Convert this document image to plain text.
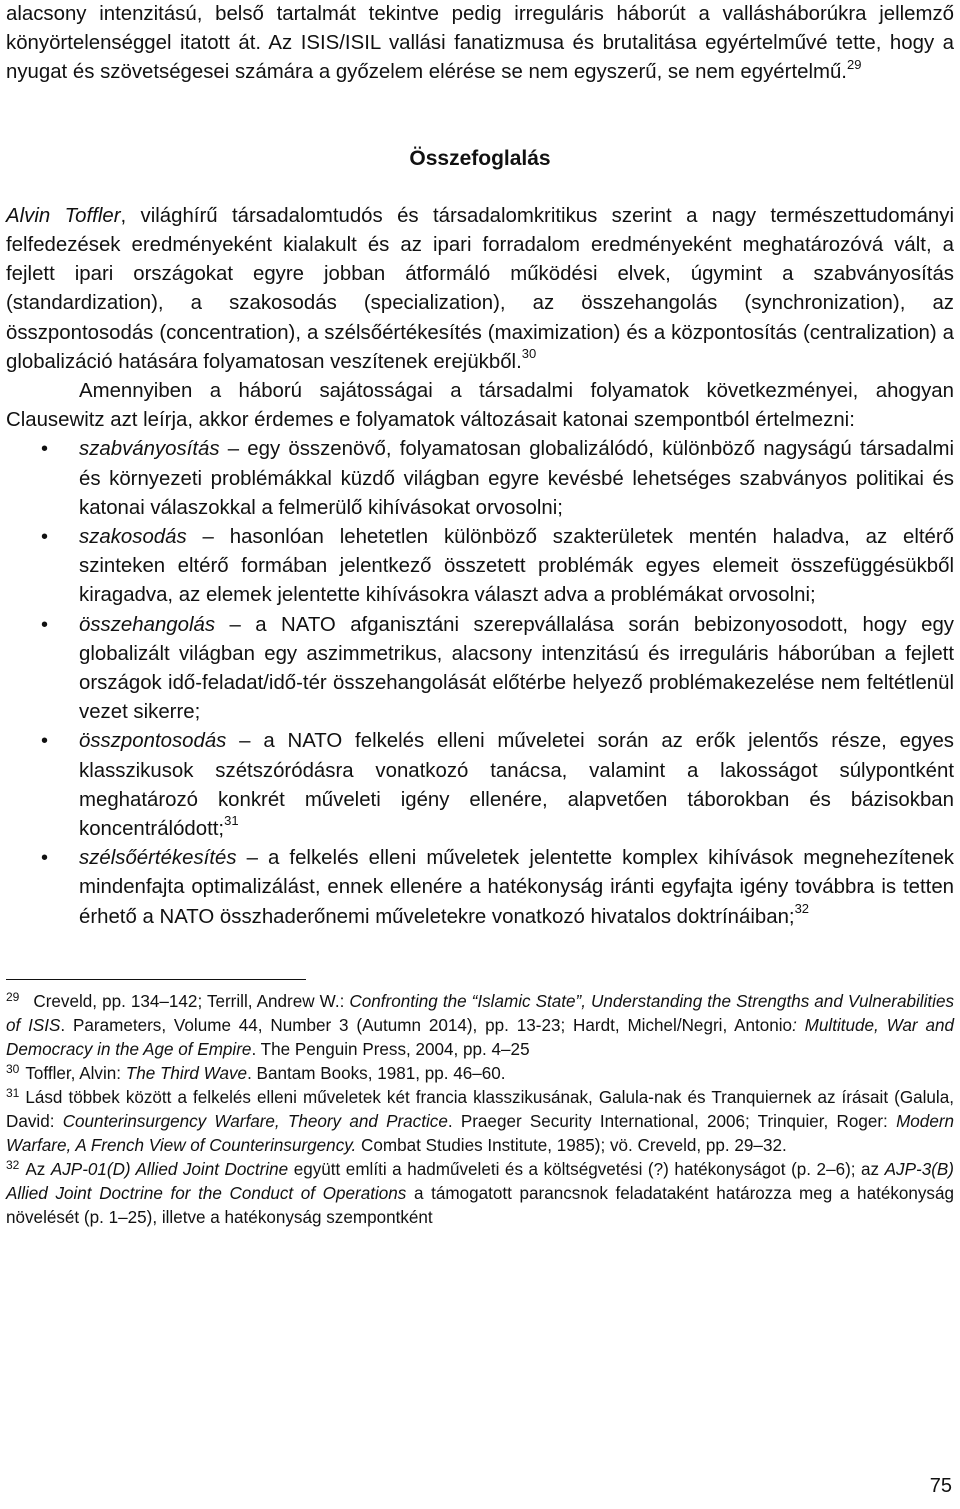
alacsony intenzitású, belső tartalmát tekintve pedig irreguláris háborút a vallásháborúkra jellemző könyörtelenséggel itatott át. Az ISIS/ISIL vallási fanatizmusa és brutalitása egyértelművé tette, hogy a nyugat és szövetségesei számára a győzelem elérése se nem egyszerű, se nem egyértelmű.$^{29}$

Összefoglalás

Alvin Toffler, világhírű társadalomtudós és társadalomkritikus szerint a nagy természettudományi felfedezések eredményeként kialakult és az ipari forradalom eredményeként meghatározóvá vált, a fejlett ipari országokat egyre jobban átformáló működési elvek, úgymint a szabványosítás (standardization), a szakosodás (specialization), az összehangolás (synchronization), az összpontosodás (concentration), a szélsőértékesítés (maximization) és a központosítás (centralization) a globalizáció hatására folyamatosan veszítenek erejükből.$^{30}$

Amennyiben a háború sajátosságai a társadalmi folyamatok következményei, ahogyan Clausewitz azt leírja, akkor érdemes e folyamatok változásait katonai szempontból értelmezni:

• szabványosítás – egy összenövő, folyamatosan globalizálódó, különböző nagyságú társadalmi és környezeti problémákkal küzdő világban egyre kevésbé lehetséges szabványos politikai és katonai válaszokkal a felmerülő kihívásokat orvosolni;
• szakosodás – hasonlóan lehetetlen különböző szakterületek mentén haladva, az eltérő szinteken eltérő formában jelentkező összetett problémák egyes elemeit összefüggésükből kiragadva, az elemek jelentette kihívásokra választ adva a problémákat orvosolni;
• összehangolás – a NATO afganisztáni szerepvállalása során bebizonyosodott, hogy egy globalizált világban egy aszimmetrikus, alacsony intenzitású és irreguláris háborúban a fejlett országok idő-feladat/idő-tér összehangolását előtérbe helyező problémakezelése nem feltétlenül vezet sikerre;
• összpontosodás – a NATO felkelés elleni műveletei során az erők jelentős része, egyes klasszikusok szétszóródásra vonatkozó tanácsa, valamint a lakosságot súlypontként meghatározó konkrét műveleti igény ellenére, alapvetően táborokban és bázisokban koncentrálódott;$^{31}$
• szélsőértékesítés – a felkelés elleni műveletek jelentette komplex kihívások megnehezítenek mindenfajta optimalizálást, ennek ellenére a hatékonyság iránti egyfajta igény továbbra is tetten érhető a NATO összhaderőnemi műveletekre vonatkozó hivatalos doktrínáiban;$^{32}$

$^{29}$ Creveld, pp. 134–142; Terrill, Andrew W.: Confronting the “Islamic State”, Understanding the Strengths and Vulnerabilities of ISIS. Parameters, Volume 44, Number 3 (Autumn 2014), pp. 13-23; Hardt, Michel/Negri, Antonio: Multitude, War and Democracy in the Age of Empire. The Penguin Press, 2004, pp. 4–25

$^{30}$ Toffler, Alvin: The Third Wave. Bantam Books, 1981, pp. 46–60.

$^{31}$ Lásd többek között a felkelés elleni műveletek két francia klasszikusának, Galula-nak és Tranquiernek az írásait (Galula, David: Counterinsurgency Warfare, Theory and Practice. Praeger Security International, 2006; Trinquier, Roger: Modern Warfare, A French View of Counterinsurgency. Combat Studies Institute, 1985); vö. Creveld, pp. 29–32.

$^{32}$ Az AJP-01(D) Allied Joint Doctrine együtt említi a hadműveleti és a költségvetési (?) hatékonyságot (p. 2–6); az AJP-3(B) Allied Joint Doctrine for the Conduct of Operations a támogatott parancsnok feladataként határozza meg a hatékonyság növelését (p. 1–25), illetve a hatékonyság szempontként

75
